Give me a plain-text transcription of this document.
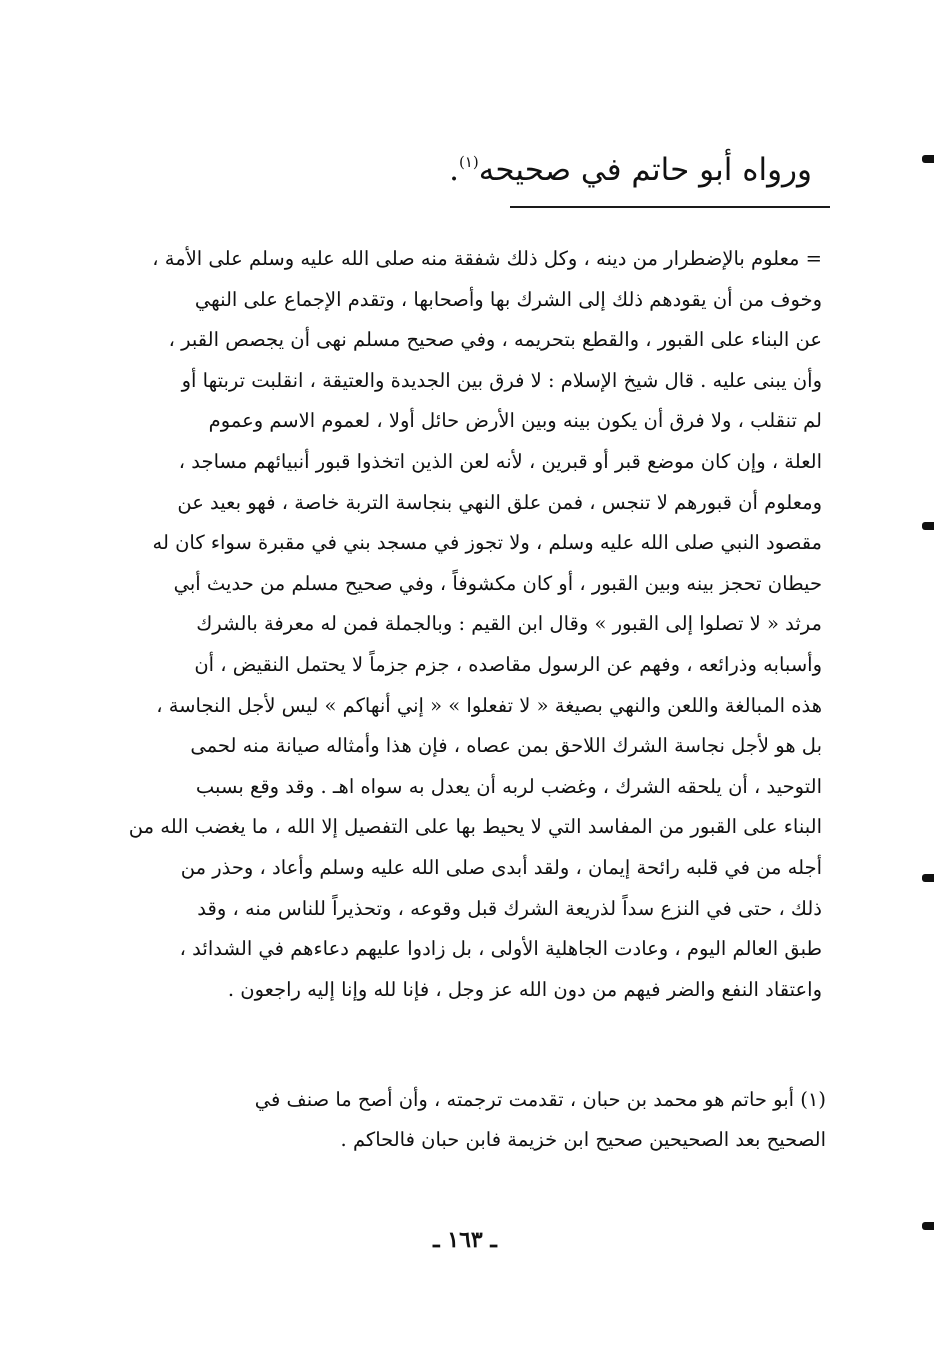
ورواه أبو حاتم في صحيحه$^{(١)}$.
= معلوم بالإضطرار من دينه ، وكل ذلك شفقة منه صلى الله عليه وسلم على الأمة ،
وخوف من أن يقودهم ذلك إلى الشرك بها وأصحابها ، وتقدم الإجماع على النهي
عن البناء على القبور ، والقطع بتحريمه ، وفي صحيح مسلم نهى أن يجصص القبر ،
وأن يبنى عليه . قال شيخ الإسلام : لا فرق بين الجديدة والعتيقة ، انقلبت تربتها أو
لم تنقلب ، ولا فرق أن يكون بينه وبين الأرض حائل أولا ، لعموم الاسم وعموم
العلة ، وإن كان موضع قبر أو قبرين ، لأنه لعن الذين اتخذوا قبور أنبيائهم مساجد ،
ومعلوم أن قبورهم لا تنجس ، فمن علق النهي بنجاسة التربة خاصة ، فهو بعيد عن
مقصود النبي صلى الله عليه وسلم ، ولا تجوز في مسجد بني في مقبرة سواء كان له
حيطان تحجز بينه وبين القبور ، أو كان مكشوفاً ، وفي صحيح مسلم من حديث أبي
مرثد « لا تصلوا إلى القبور » وقال ابن القيم : وبالجملة فمن له معرفة بالشرك
وأسبابه وذرائعه ، وفهم عن الرسول مقاصده ، جزم جزماً لا يحتمل النقيض ، أن
هذه المبالغة واللعن والنهي بصيغة « لا تفعلوا » « إني أنهاكم » ليس لأجل النجاسة ،
بل هو لأجل نجاسة الشرك اللاحق بمن عصاه ، فإن هذا وأمثاله صيانة منه لحمى
التوحيد ، أن يلحقه الشرك ، وغضب لربه أن يعدل به سواه اهـ . وقد وقع بسبب
البناء على القبور من المفاسد التي لا يحيط بها على التفصيل إلا الله ، ما يغضب الله من
أجله من في قلبه رائحة إيمان ، ولقد أبدى صلى الله عليه وسلم وأعاد ، وحذر من
ذلك ، حتى في النزع سداً لذريعة الشرك قبل وقوعه ، وتحذيراً للناس منه ، وقد
طبق العالم اليوم ، وعادت الجاهلية الأولى ، بل زادوا عليهم دعاءهم في الشدائد ،
واعتقاد النفع والضر فيهم من دون الله عز وجل ، فإنا لله وإنا إليه راجعون .
(١) أبو حاتم هو محمد بن حبان ، تقدمت ترجمته ، وأن أصح ما صنف في
الصحيح بعد الصحيحين صحيح ابن خزيمة فابن حبان فالحاكم .
ـ ١٦٣ ـ
